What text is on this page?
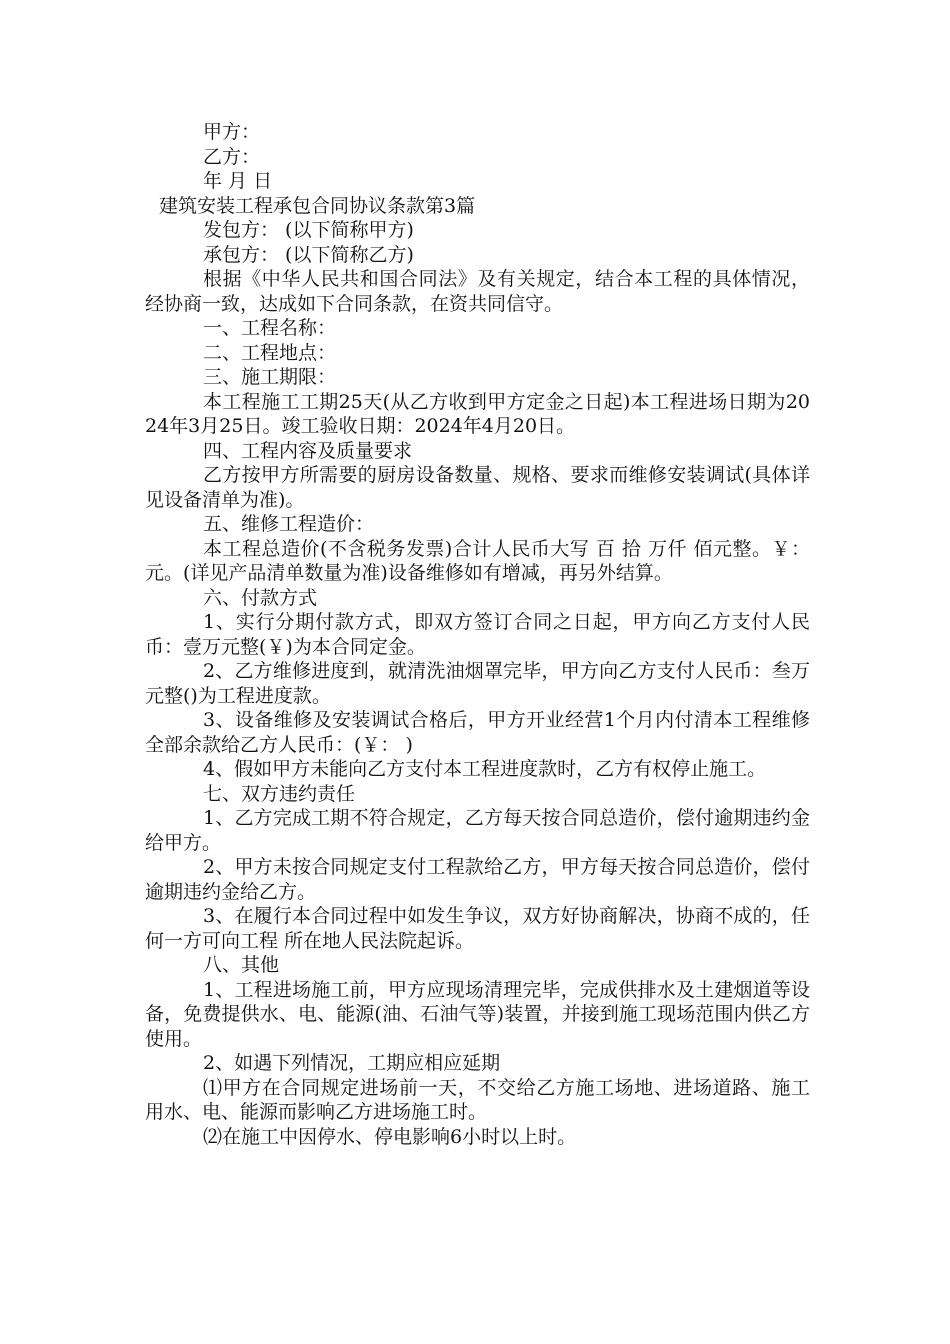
甲方：

乙方：

年 月 日

建筑安装工程承包合同协议条款第3篇

发包方： (以下简称甲方)

承包方： (以下简称乙方)

根据《中华人民共和国合同法》及有关规定，结合本工程的具体情况，经协商一致，达成如下合同条款，在资共同信守。

一、工程名称：

二、工程地点：

三、施工期限：

本工程施工工期25天(从乙方收到甲方定金之日起)本工程进场日期为2024年3月25日。竣工验收日期：2024年4月20日。

四、工程内容及质量要求

乙方按甲方所需要的厨房设备数量、规格、要求而维修安装调试(具体详见设备清单为准)。

五、维修工程造价：

本工程总造价(不含税务发票)合计人民币大写 百 拾 万仟 佰元整。￥： 元。(详见产品清单数量为准)设备维修如有增减，再另外结算。

六、付款方式

1、实行分期付款方式，即双方签订合同之日起，甲方向乙方支付人民币：壹万元整(￥)为本合同定金。

2、乙方维修进度到，就清洗油烟罩完毕，甲方向乙方支付人民币：叁万元整()为工程进度款。

3、设备维修及安装调试合格后，甲方开业经营1个月内付清本工程维修全部余款给乙方人民币：(￥： )

4、假如甲方未能向乙方支付本工程进度款时，乙方有权停止施工。

七、双方违约责任

1、乙方完成工期不符合规定，乙方每天按合同总造价，偿付逾期违约金给甲方。

2、甲方未按合同规定支付工程款给乙方，甲方每天按合同总造价，偿付逾期违约金给乙方。

3、在履行本合同过程中如发生争议，双方好协商解决，协商不成的，任何一方可向工程 所在地人民法院起诉。

八、其他

1、工程进场施工前，甲方应现场清理完毕，完成供排水及土建烟道等设备，免费提供水、电、能源(油、石油气等)装置，并接到施工现场范围内供乙方使用。

2、如遇下列情况，工期应相应延期

⑴甲方在合同规定进场前一天，不交给乙方施工场地、进场道路、施工用水、电、能源而影响乙方进场施工时。

⑵在施工中因停水、停电影响6小时以上时。
